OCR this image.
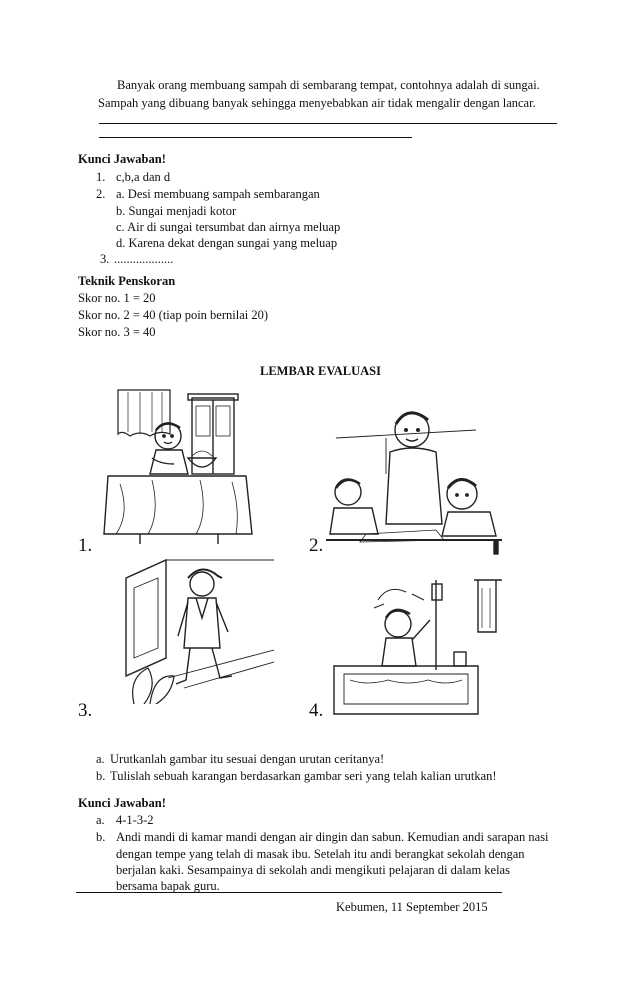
Banyak orang membuang sampah di sembarang tempat, contohnya adalah di sungai.
Sampah yang dibuang banyak sehingga menyebabkan air tidak mengalir dengan lancar.
Kunci Jawaban!
1. c,b,a dan d
2. a. Desi membuang sampah sembarangan
b. Sungai menjadi kotor
c. Air di sungai tersumbat dan airnya meluap
d. Karena dekat dengan sungai yang meluap
3. ...................
Teknik Penskoran
Skor no. 1 = 20
Skor no. 2 = 40 (tiap poin bernilai 20)
Skor no. 3 = 40
LEMBAR EVALUASI
1.	2.
3.	4.
a. Urutkanlah gambar itu sesuai dengan urutan ceritanya!
b. Tulislah sebuah karangan berdasarkan gambar seri yang telah kalian urutkan!
Kunci Jawaban!
a. 4-1-3-2
b. Andi mandi di kamar mandi dengan air dingin dan sabun. Kemudian andi sarapan nasi
dengan tempe yang telah di masak ibu. Setelah itu andi berangkat sekolah dengan
berjalan kaki. Sesampainya di sekolah andi mengikuti pelajaran di dalam kelas
bersama bapak guru.
Kebumen, 11 September 2015
